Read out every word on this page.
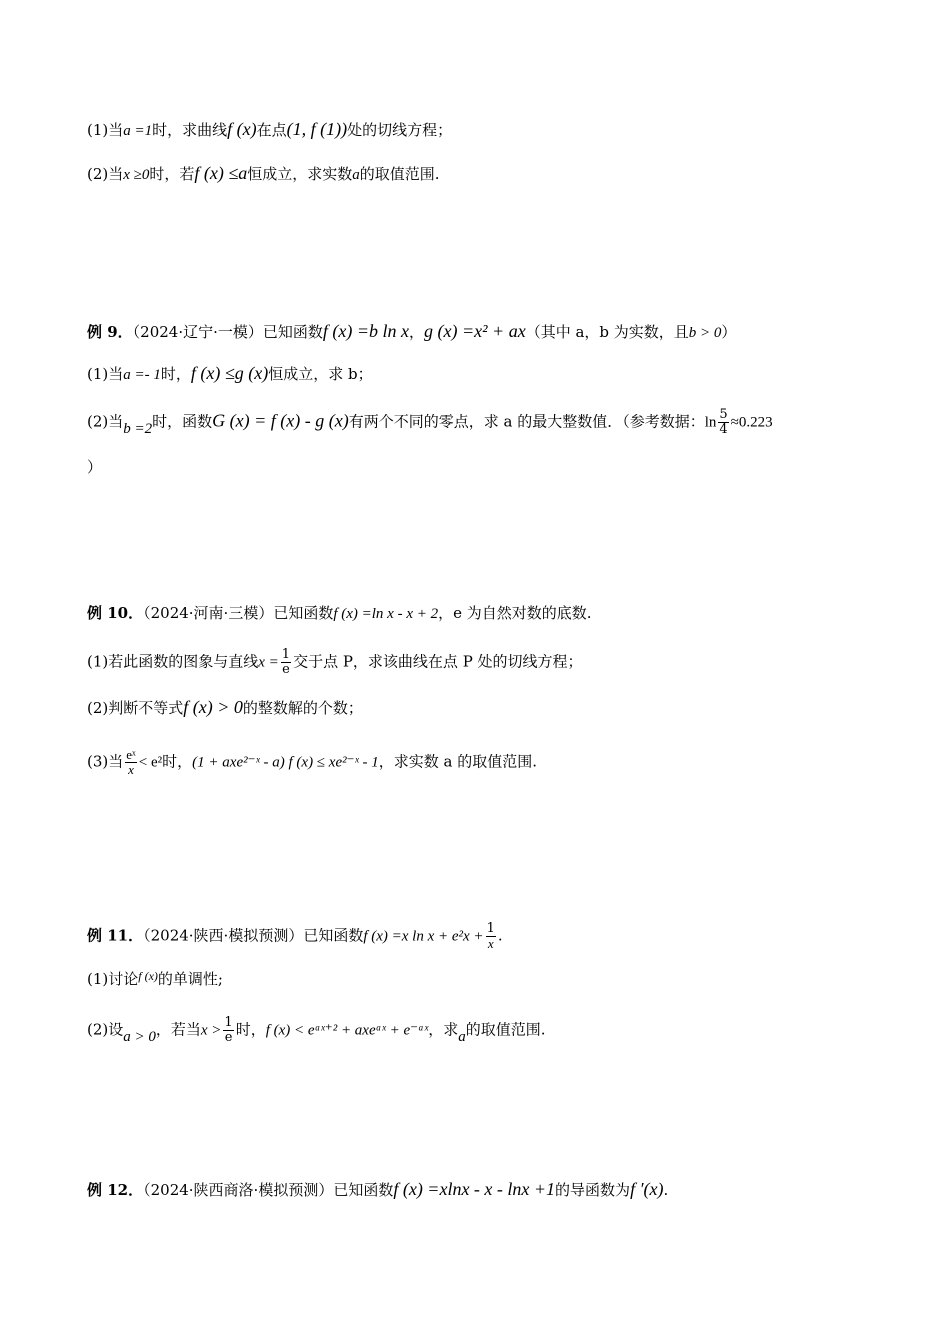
(1)当a =1时，求曲线f (x)在点(1, f (1))处的切线方程；
(2)当x ≥0时，若f (x) ≤a恒成立，求实数a的取值范围.
例 9．（2024·辽宁·一模）已知函数f (x) =b ln x，g (x) =x² + ax（其中 a，b 为实数，且b > 0）
(1)当a =- 1时，f (x) ≤g (x)恒成立，求 b；
(2)当b =2时，函数G (x) = f (x) - g (x)有两个不同的零点，求 a 的最大整数值．（参考数据：$\ln \frac{5}{4} \approx 0.223$
）
例 10．（2024·河南·三模）已知函数f (x) =ln x - x + 2，e 为自然对数的底数.
(1)若此函数的图象与直线$x = \frac{1}{e}$ 交于点 P，求该曲线在点 P 处的切线方程；
(2)判断不等式f (x) > 0的整数解的个数；
(3)当 $\frac{\text{eˣ}}{x} < e^2$时，(1 + axe²⁻ˣ - a) f (x) ≤ xe²⁻ˣ - 1，求实数 a 的取值范围.
例 11．（2024·陕西·模拟预测）已知函数f (x) =x $\ln x + e^2x + \frac{1}{x}$ .
(1)讨论$^{f (x)}$的单调性;
(2)设a > 0，若当$x > \frac{1}{e}$ 时，f (x) < eᵃˣ⁺² + axeᵃˣ + e⁻ᵃˣ，求a的取值范围.
例 12．（2024·陕西商洛·模拟预测）已知函数f (x) =xlnx - x - lnx +1的导函数为f ′(x).
